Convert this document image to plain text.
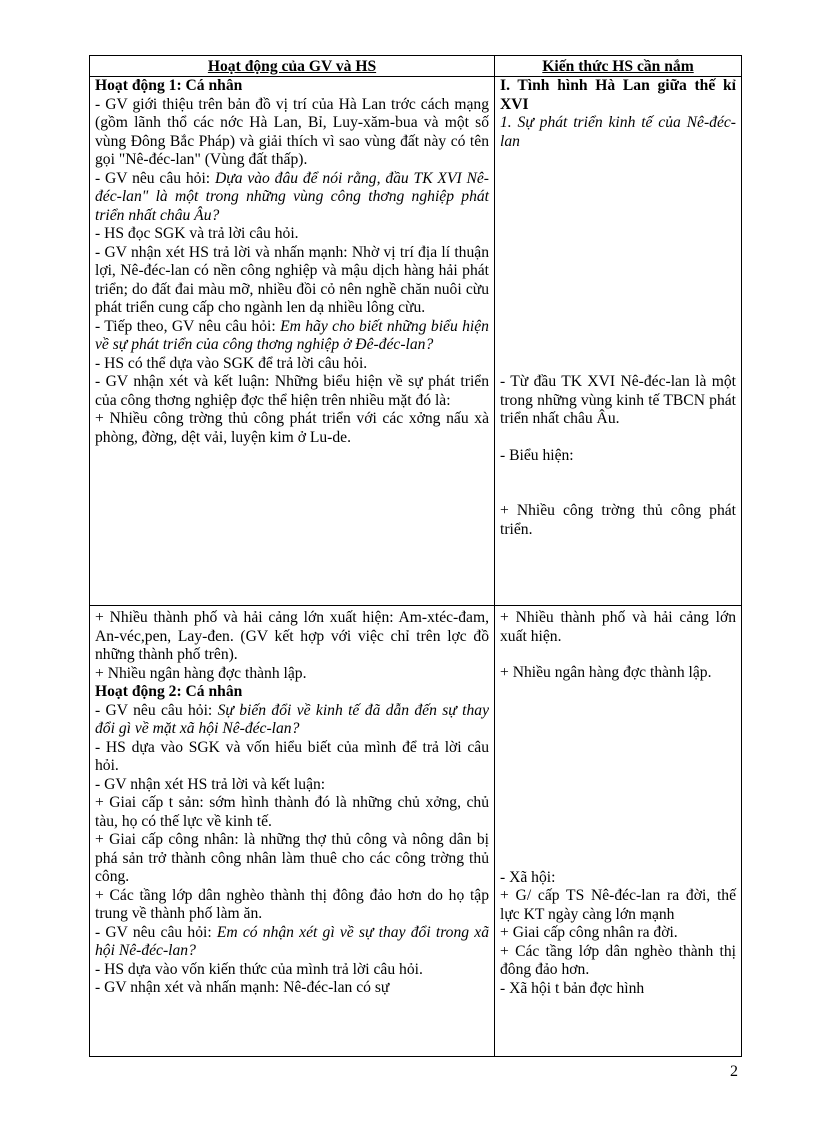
Hoạt động của GV và HS	Kiến thức HS cần nắm

Hoạt động 1: Cá nhân

- GV giới thiệu trên bản đồ vị trí của Hà Lan trớc cách mạng (gồm lãnh thổ các nớc Hà Lan, Bỉ, Luy-xăm-bua và một số vùng Đông Bắc Pháp) và giải thích vì sao vùng đất này có tên gọi "Nê-đéc-lan" (Vùng đất thấp).

- GV nêu câu hỏi: Dựa vào đâu để nói rằng, đầu TK XVI Nê-đéc-lan" là một trong những vùng công thơng nghiệp phát triển nhất châu Âu?

- HS đọc SGK và trả lời câu hỏi.

- GV nhận xét HS trả lời và nhấn mạnh: Nhờ vị trí địa lí thuận lợi, Nê-đéc-lan có nền công nghiệp và mậu dịch hàng hải phát triển; do đất đai màu mỡ, nhiều đồi cỏ nên nghề chăn nuôi cừu phát triển cung cấp cho ngành len dạ nhiều lông cừu.

- Tiếp theo, GV nêu câu hỏi: Em hãy cho biết những biểu hiện về sự phát triển của công thơng nghiệp ở Đê-đéc-lan?

- HS có thể dựa vào SGK để trả lời câu hỏi.

- GV nhận xét và kết luận: Những biểu hiện về sự phát triển của công thơng nghiệp đợc thể hiện trên nhiều mặt đó là:

+ Nhiều công trờng thủ công phát triển với các xởng nấu xà phòng, đờng, dệt vải, luyện kim ở Lu-de.

I. Tình hình Hà Lan giữa thế kỉ XVI

1. Sự phát triển kinh tế của Nê-đéc-lan

- Từ đầu TK XVI Nê-đéc-lan là một trong những vùng kinh tế TBCN phát triển nhất châu Âu.

- Biểu hiện:

+ Nhiều công trờng thủ công phát triển.

+ Nhiều thành phố và hải cảng lớn xuất hiện: Am-xtéc-đam, An-véc,pen, Lay-đen. (GV kết hợp với việc chỉ trên lợc đồ những thành phố trên).

+ Nhiều ngân hàng đợc thành lập.

Hoạt động 2: Cá nhân

- GV nêu câu hỏi: Sự biến đổi về kinh tế đã dẫn đến sự thay đổi gì về mặt xã hội Nê-đéc-lan?

- HS dựa vào SGK và vốn hiểu biết của mình để trả lời câu hỏi.

- GV nhận xét HS trả lời và kết luận:

+ Giai cấp t sản: sớm hình thành đó là những chủ xởng, chủ tàu, họ có thế lực về kinh tế.

+ Giai cấp công nhân: là những thợ thủ công và nông dân bị phá sản trở thành công nhân làm thuê cho các công trờng thủ công.

+ Các tầng lớp dân nghèo thành thị đông đảo hơn do họ tập trung về thành phố làm ăn.

- GV nêu câu hỏi: Em có nhận xét gì về sự thay đổi trong xã hội Nê-đéc-lan?

- HS dựa vào vốn kiến thức của mình trả lời câu hỏi.

- GV nhận xét và nhấn mạnh: Nê-đéc-lan có sự

+ Nhiều thành phố và hải cảng lớn xuất hiện.

+ Nhiều ngân hàng đợc thành lập.

- Xã hội:

+ G/ cấp TS Nê-đéc-lan ra đời, thế lực KT ngày càng lớn mạnh

+ Giai cấp công nhân ra đời.

+ Các tầng lớp dân nghèo thành thị đông đảo hơn.

- Xã hội t bản đợc hình

2
